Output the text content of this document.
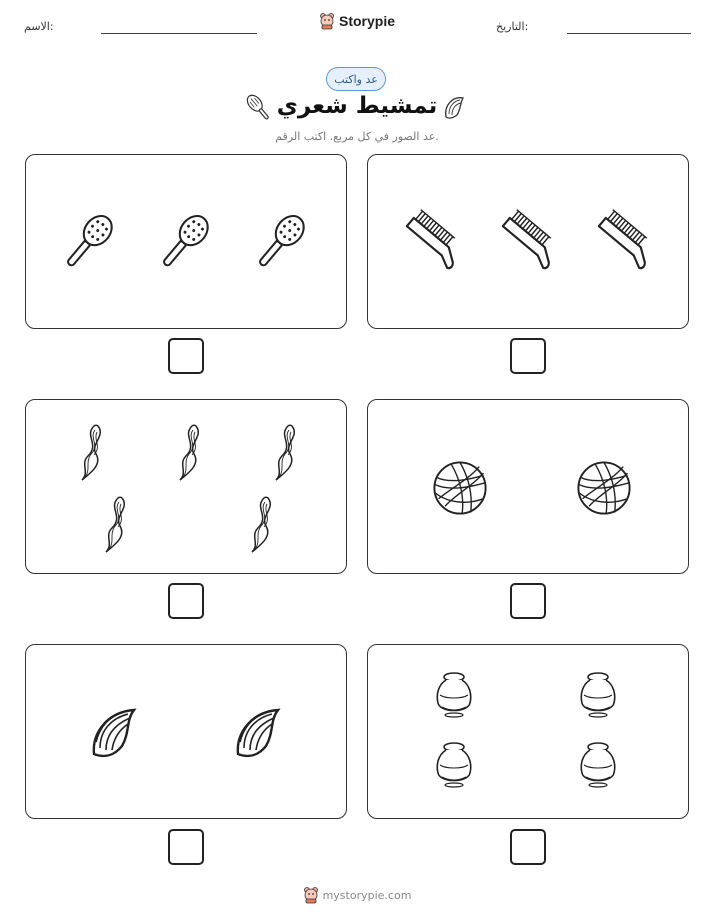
الاسم:	Storypie	التاريخ:
عد واكتب
تمشيط شعري
عد الصور في كل مربع. اكتب الرقم.
mystorypie.com
